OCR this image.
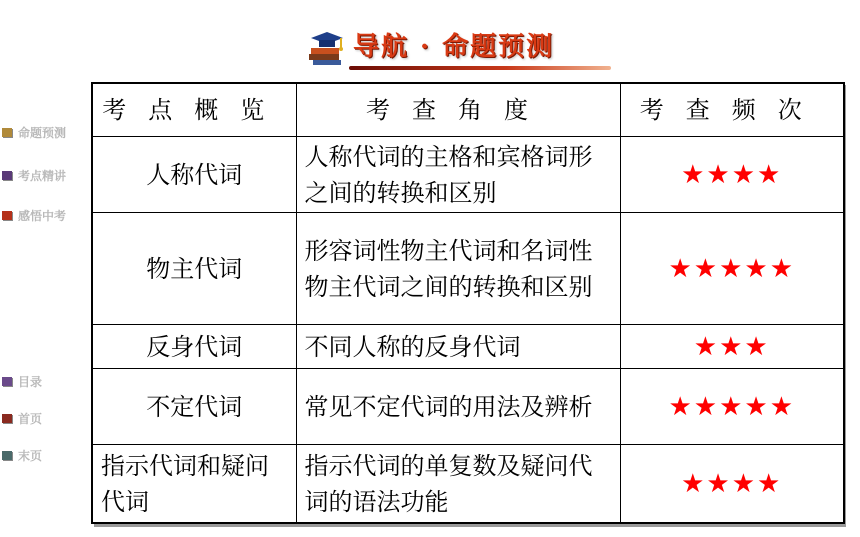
导航 · 命题预测
命题预测
考点精讲
感悟中考
目录
首页
末页
考点概览	考查角度	考查频次
人称代词	人称代词的主格和宾格词形之间的转换和区别	★★★★
物主代词	形容词性物主代词和名词性物主代词之间的转换和区别	★★★★★
反身代词	不同人称的反身代词	★★★
不定代词	常见不定代词的用法及辨析	★★★★★
指示代词和疑问代词	指示代词的单复数及疑问代词的语法功能	★★★★
